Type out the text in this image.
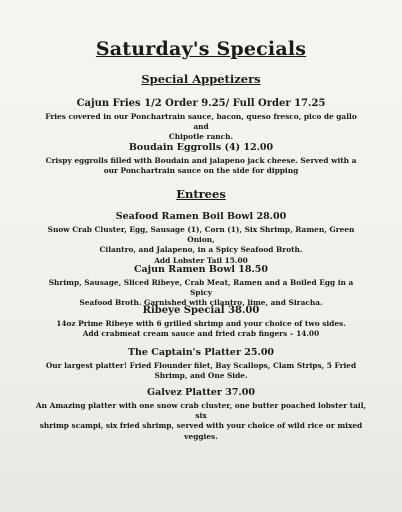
Saturday's Specials
Special Appetizers
Cajun Fries 1/2 Order 9.25/ Full Order 17.25
Fries covered in our Ponchartrain sauce, bacon, queso fresco, pico de gallo and
Chipotle ranch.
Boudain Eggrolls (4) 12.00
Crispy eggrolls filled with Boudain and jalapeno jack cheese. Served with a
our Ponchartrain sauce on the side for dipping
Entrees
Seafood Ramen Boil Bowl 28.00
Snow Crab Cluster, Egg, Sausage (1), Corn (1), Six Shrimp, Ramen, Green Onion,
Cilantro, and Jalapeno, in a Spicy Seafood Broth.
Add Lobster Tail 15.00
Cajun Ramen Bowl 18.50
Shrimp, Sausage, Sliced Ribeye, Crab Meat, Ramen and a Boiled Egg in a Spicy
Seafood Broth. Garnished with cilantro, lime, and Siracha.
Ribeye Special 38.00
14oz Prime Ribeye with 6 grilled shrimp and your choice of two sides.
Add crabmeat cream sauce and fried crab fingers – 14.00
The Captain's Platter 25.00
Our largest platter! Fried Flounder filet, Bay Scallops, Clam Strips, 5 Fried
Shrimp, and One Side.
Galvez Platter 37.00
An Amazing platter with one snow crab cluster, one butter poached lobster tail, six
shrimp scampi, six fried shrimp, served with your choice of wild rice or mixed
veggies.
